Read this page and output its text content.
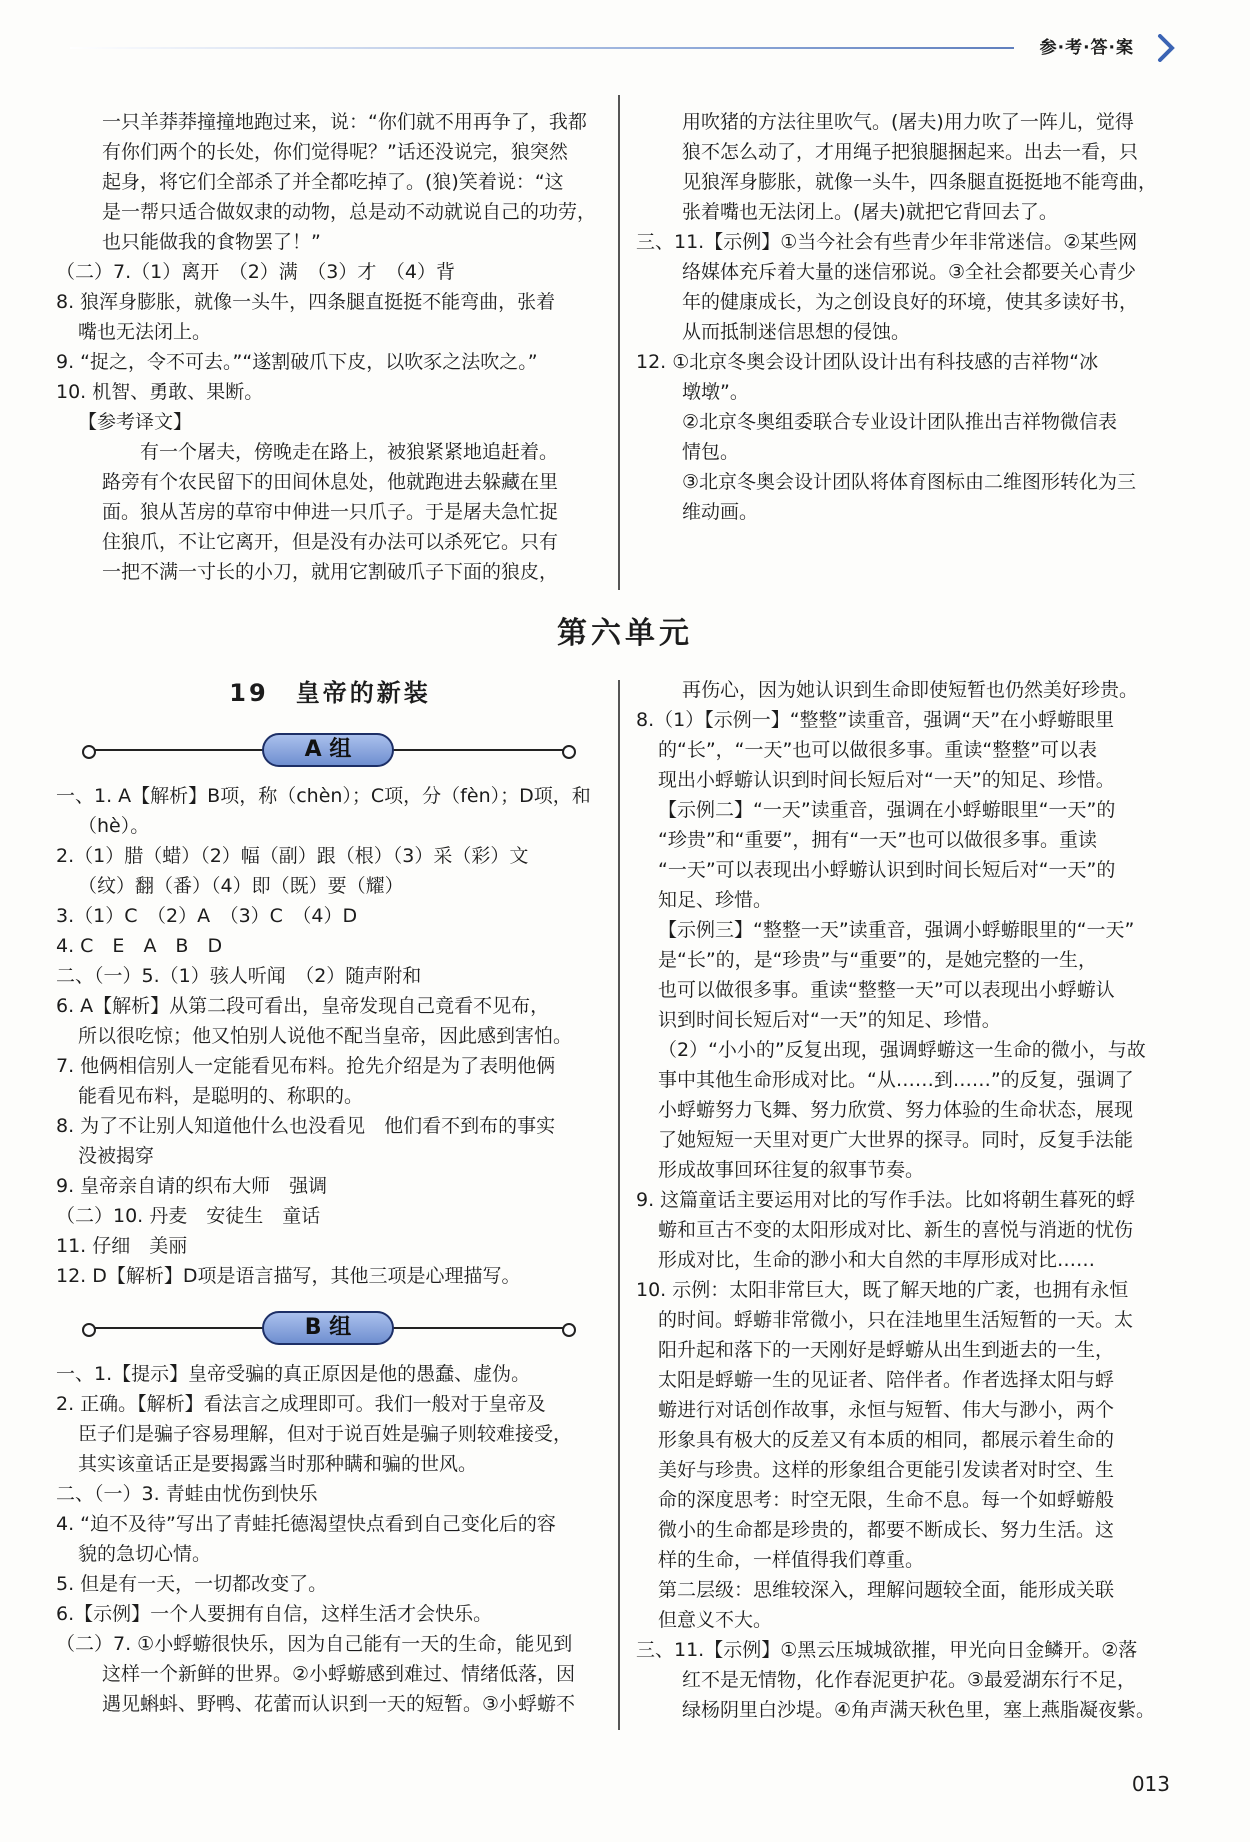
参·考·答·案
一只羊莽莽撞撞地跑过来，说：“你们就不用再争了，我都
有你们两个的长处，你们觉得呢？”话还没说完，狼突然
起身，将它们全部杀了并全都吃掉了。(狼)笑着说：“这
是一帮只适合做奴隶的动物，总是动不动就说自己的功劳，
也只能做我的食物罢了！”
（二）7.（1）离开　（2）满　（3）才　（4）背
8. 狼浑身膨胀，就像一头牛，四条腿直挺挺不能弯曲，张着
嘴也无法闭上。
9. “捉之，令不可去。”“遂割破爪下皮，以吹豕之法吹之。”
10. 机智、勇敢、果断。
【参考译文】
　　有一个屠夫，傍晚走在路上，被狼紧紧地追赶着。
路旁有个农民留下的田间休息处，他就跑进去躲藏在里
面。狼从苫房的草帘中伸进一只爪子。于是屠夫急忙捉
住狼爪，不让它离开，但是没有办法可以杀死它。只有
一把不满一寸长的小刀，就用它割破爪子下面的狼皮，
用吹猪的方法往里吹气。(屠夫)用力吹了一阵儿，觉得
狼不怎么动了，才用绳子把狼腿捆起来。出去一看，只
见狼浑身膨胀，就像一头牛，四条腿直挺挺地不能弯曲，
张着嘴也无法闭上。(屠夫)就把它背回去了。
三、11.【示例】①当今社会有些青少年非常迷信。②某些网
络媒体充斥着大量的迷信邪说。③全社会都要关心青少
年的健康成长，为之创设良好的环境，使其多读好书，
从而抵制迷信思想的侵蚀。
12. ①北京冬奥会设计团队设计出有科技感的吉祥物“冰
墩墩”。
②北京冬奥组委联合专业设计团队推出吉祥物微信表
情包。
③北京冬奥会设计团队将体育图标由二维图形转化为三
维动画。
第六单元
19　皇帝的新装
A 组
一、1. A【解析】B项，称（chèn）；C项，分（fèn）；D项，和
（hè）。
2.（1）腊（蜡）（2）幅（副）跟（根）（3）采（彩）文
（纹）翻（番）（4）即（既）要（耀）
3.（1）C　（2）A　（3）C　（4）D
4. C　E　A　B　D
二、（一）5.（1）骇人听闻　（2）随声附和
6. A【解析】从第二段可看出，皇帝发现自己竟看不见布，
所以很吃惊；他又怕别人说他不配当皇帝，因此感到害怕。
7. 他俩相信别人一定能看见布料。抢先介绍是为了表明他俩
能看见布料，是聪明的、称职的。
8. 为了不让别人知道他什么也没看见　他们看不到布的事实
没被揭穿
9. 皇帝亲自请的织布大师　强调
（二）10. 丹麦　安徒生　童话
11. 仔细　美丽
12. D【解析】D项是语言描写，其他三项是心理描写。
B 组
一、1.【提示】皇帝受骗的真正原因是他的愚蠢、虚伪。
2. 正确。【解析】看法言之成理即可。我们一般对于皇帝及
臣子们是骗子容易理解，但对于说百姓是骗子则较难接受，
其实该童话正是要揭露当时那种瞒和骗的世风。
二、（一）3. 青蛙由忧伤到快乐
4. “迫不及待”写出了青蛙托德渴望快点看到自己变化后的容
貌的急切心情。
5. 但是有一天，一切都改变了。
6.【示例】一个人要拥有自信，这样生活才会快乐。
（二）7. ①小蜉蝣很快乐，因为自己能有一天的生命，能见到
这样一个新鲜的世界。②小蜉蝣感到难过、情绪低落，因
遇见蝌蚪、野鸭、花蕾而认识到一天的短暂。③小蜉蝣不
再伤心，因为她认识到生命即使短暂也仍然美好珍贵。
8.（1）【示例一】“整整”读重音，强调“天”在小蜉蝣眼里
的“长”，“一天”也可以做很多事。重读“整整”可以表
现出小蜉蝣认识到时间长短后对“一天”的知足、珍惜。
【示例二】“一天”读重音，强调在小蜉蝣眼里“一天”的
“珍贵”和“重要”，拥有“一天”也可以做很多事。重读
“一天”可以表现出小蜉蝣认识到时间长短后对“一天”的
知足、珍惜。
【示例三】“整整一天”读重音，强调小蜉蝣眼里的“一天”
是“长”的，是“珍贵”与“重要”的，是她完整的一生，
也可以做很多事。重读“整整一天”可以表现出小蜉蝣认
识到时间长短后对“一天”的知足、珍惜。
（2）“小小的”反复出现，强调蜉蝣这一生命的微小，与故
事中其他生命形成对比。“从……到……”的反复，强调了
小蜉蝣努力飞舞、努力欣赏、努力体验的生命状态，展现
了她短短一天里对更广大世界的探寻。同时，反复手法能
形成故事回环往复的叙事节奏。
9. 这篇童话主要运用对比的写作手法。比如将朝生暮死的蜉
蝣和亘古不变的太阳形成对比、新生的喜悦与消逝的忧伤
形成对比，生命的渺小和大自然的丰厚形成对比……
10. 示例：太阳非常巨大，既了解天地的广袤，也拥有永恒
的时间。蜉蝣非常微小，只在洼地里生活短暂的一天。太
阳升起和落下的一天刚好是蜉蝣从出生到逝去的一生，
太阳是蜉蝣一生的见证者、陪伴者。作者选择太阳与蜉
蝣进行对话创作故事，永恒与短暂、伟大与渺小，两个
形象具有极大的反差又有本质的相同，都展示着生命的
美好与珍贵。这样的形象组合更能引发读者对时空、生
命的深度思考：时空无限，生命不息。每一个如蜉蝣般
微小的生命都是珍贵的，都要不断成长、努力生活。这
样的生命，一样值得我们尊重。
第二层级：思维较深入，理解问题较全面，能形成关联
但意义不大。
三、11.【示例】①黑云压城城欲摧，甲光向日金鳞开。②落
红不是无情物，化作春泥更护花。③最爱湖东行不足，
绿杨阴里白沙堤。④角声满天秋色里，塞上燕脂凝夜紫。
013
